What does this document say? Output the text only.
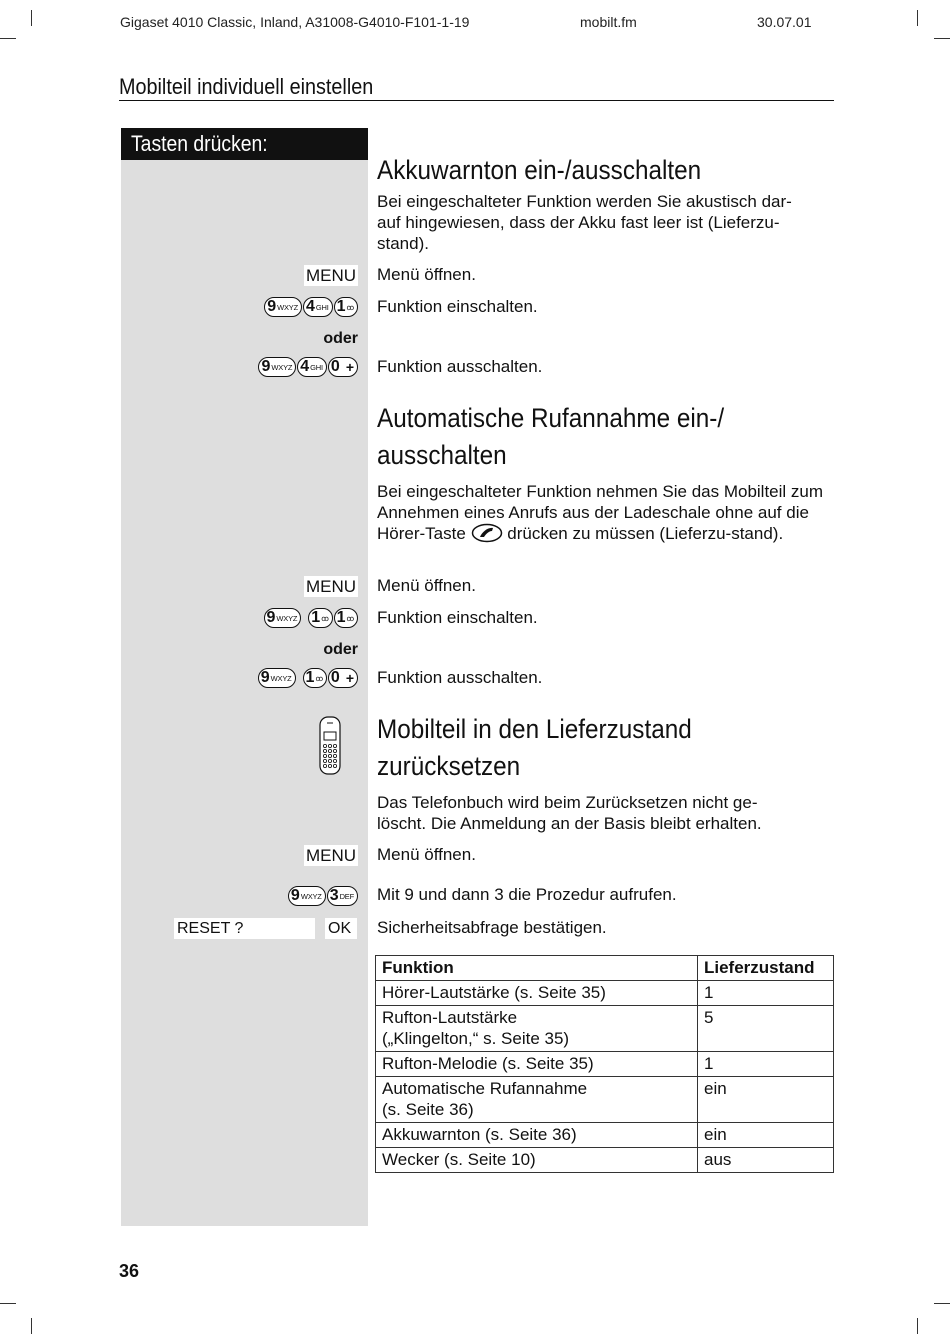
Gigaset 4010 Classic, Inland, A31008-G4010-F101-1-19	mobilt.fm	30.07.01
Mobilteil individuell einstellen
Tasten drücken:
Akkuwarnton ein-/ausschalten
Bei eingeschalteter Funktion werden Sie akustisch dar-
auf hingewiesen, dass der Akku fast leer ist (Lieferzu-
stand).
MENU Menü öffnen.
9 WXYZ 4 GHI 1 ꝏ Funktion einschalten.
oder
9 WXYZ 4 GHI 0 + Funktion ausschalten.
Automatische Rufannahme ein-/
ausschalten
Bei eingeschalteter Funktion nehmen Sie das Mobilteil zum Annehmen eines Anrufs aus der Ladeschale ohne auf die Hörer-Taste drücken zu müssen (Lieferzu-stand).
MENU Menü öffnen.
9 WXYZ 1 ꝏ 1 ꝏ Funktion einschalten.
oder
9 WXYZ 1 ꝏ 0 + Funktion ausschalten.
Mobilteil in den Lieferzustand
zurücksetzen
Das Telefonbuch wird beim Zurücksetzen nicht ge-
löscht. Die Anmeldung an der Basis bleibt erhalten.
MENU Menü öffnen.
9 WXYZ 3 DEF Mit 9 und dann 3 die Prozedur aufrufen.
RESET ?	OK	Sicherheitsabfrage bestätigen.
Funktion	Lieferzustand
Hörer-Lautstärke (s. Seite 35)	1
Rufton-Lautstärke
(„Klingelton,“ s. Seite 35)	5
Rufton-Melodie (s. Seite 35)	1
Automatische Rufannahme
(s. Seite 36)	ein
Akkuwarnton (s. Seite 36)	ein
Wecker (s. Seite 10)	aus
36
